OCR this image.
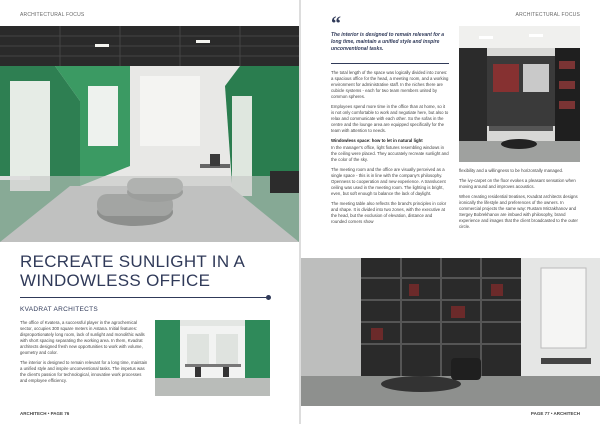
ARCHITECTURAL FOCUS	ARCHITECTURAL FOCUS
RECREATE SUNLIGHT IN A
WINDOWLESS OFFICE
KVADRAT ARCHITECTS

The office of Kvatera, a successful player in the agrochemical sector, occupies 300 square meters in Astana. Initial features: disproportionately long room, lack of sunlight and monolithic walls with short spacing separating the working area. In them, Kvadrat architects designed fresh new opportunities to work with volume, geometry and color.

The interior is designed to remain relevant for a long time, maintain a unified style and inspire unconventional tasks. The impetus was the client's passion for technological, innovative work processes and employee efficiency.

ARCHITECH • PAGE 76
“
The interior is designed to remain relevant for a long time, maintain a unified style and inspire unconventional tasks.

The total length of the space was logically divided into zones: a spacious office for the head, a meeting room, and a working environment for administrative staff. In the niches there are cubicle systems - each for two team members united by common spheres.

Employees spend more time in the office than at home, so it is not only comfortable to work and negotiate here, but also to relax and communicate with each other. So the sofas in the centre and the lounge area are equipped specifically for the team with attention to needs.

Windowless space: how to let in natural light

In the manager's office, light fixtures resembling windows in the ceiling were placed. They accurately recreate sunlight and the color of the sky.

The meeting room and the office are visually perceived as a single space - this is in line with the company's philosophy. Openness to cooperation and new experience. A translucent ceiling was used in the meeting room. The lighting is bright, even, but soft enough to balance the lack of daylight.

The meeting table also reflects the brand's principles in color and shape. It is divided into two zones, with the executive at the head, but the exclusion of elevation, distance and rounded corners show

flexibility and a willingness to be horizontally managed.

The ivy-carpet on the floor evokes a pleasant sensation when moving around and improves acoustics.

When creating residential treatises, Kvadrat architects designs ironically the lifestyle and preferences of the owners. In commercial projects the same way: Rustam Mirzakhanov and Sergey Bobrekhanov are imbued with philosophy, brand experience and images that the client broadcasted to the outer circle.

PAGE 77 • ARCHITECH
